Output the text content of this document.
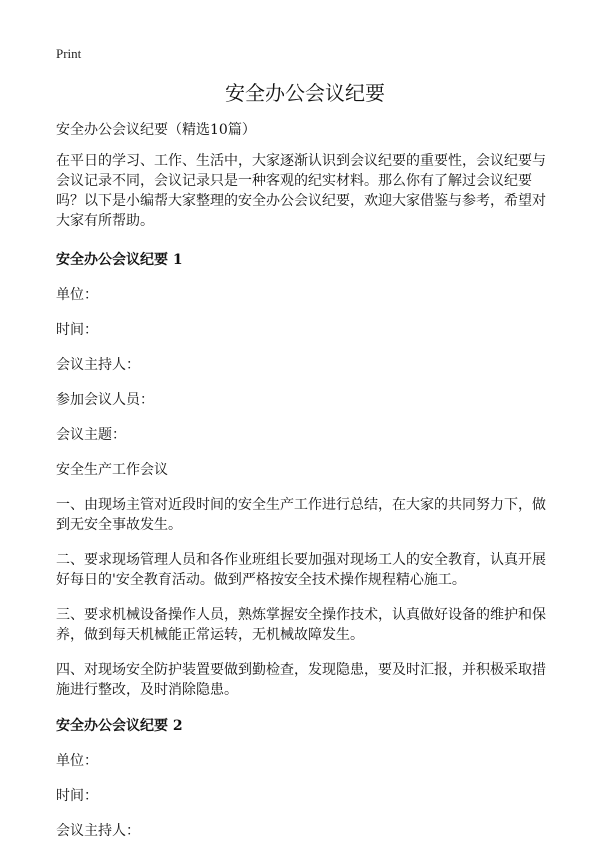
Print
安全办公会议纪要

安全办公会议纪要（精选10篇）

在平日的学习、工作、生活中，大家逐渐认识到会议纪要的重要性，会议纪要与会议记录不同，会议记录只是一种客观的纪实材料。那么你有了解过会议纪要吗？以下是小编帮大家整理的安全办公会议纪要，欢迎大家借鉴与参考，希望对大家有所帮助。

安全办公会议纪要 1

单位：

时间：

会议主持人：

参加会议人员：

会议主题：

安全生产工作会议

一、由现场主管对近段时间的安全生产工作进行总结，在大家的共同努力下，做到无安全事故发生。

二、要求现场管理人员和各作业班组长要加强对现场工人的安全教育，认真开展好每日的'安全教育活动。做到严格按安全技术操作规程精心施工。

三、要求机械设备操作人员，熟炼掌握安全操作技术，认真做好设备的维护和保养，做到每天机械能正常运转，无机械故障发生。

四、对现场安全防护装置要做到勤检查，发现隐患，要及时汇报，并积极采取措施进行整改，及时消除隐患。

安全办公会议纪要 2

单位：

时间：

会议主持人：
